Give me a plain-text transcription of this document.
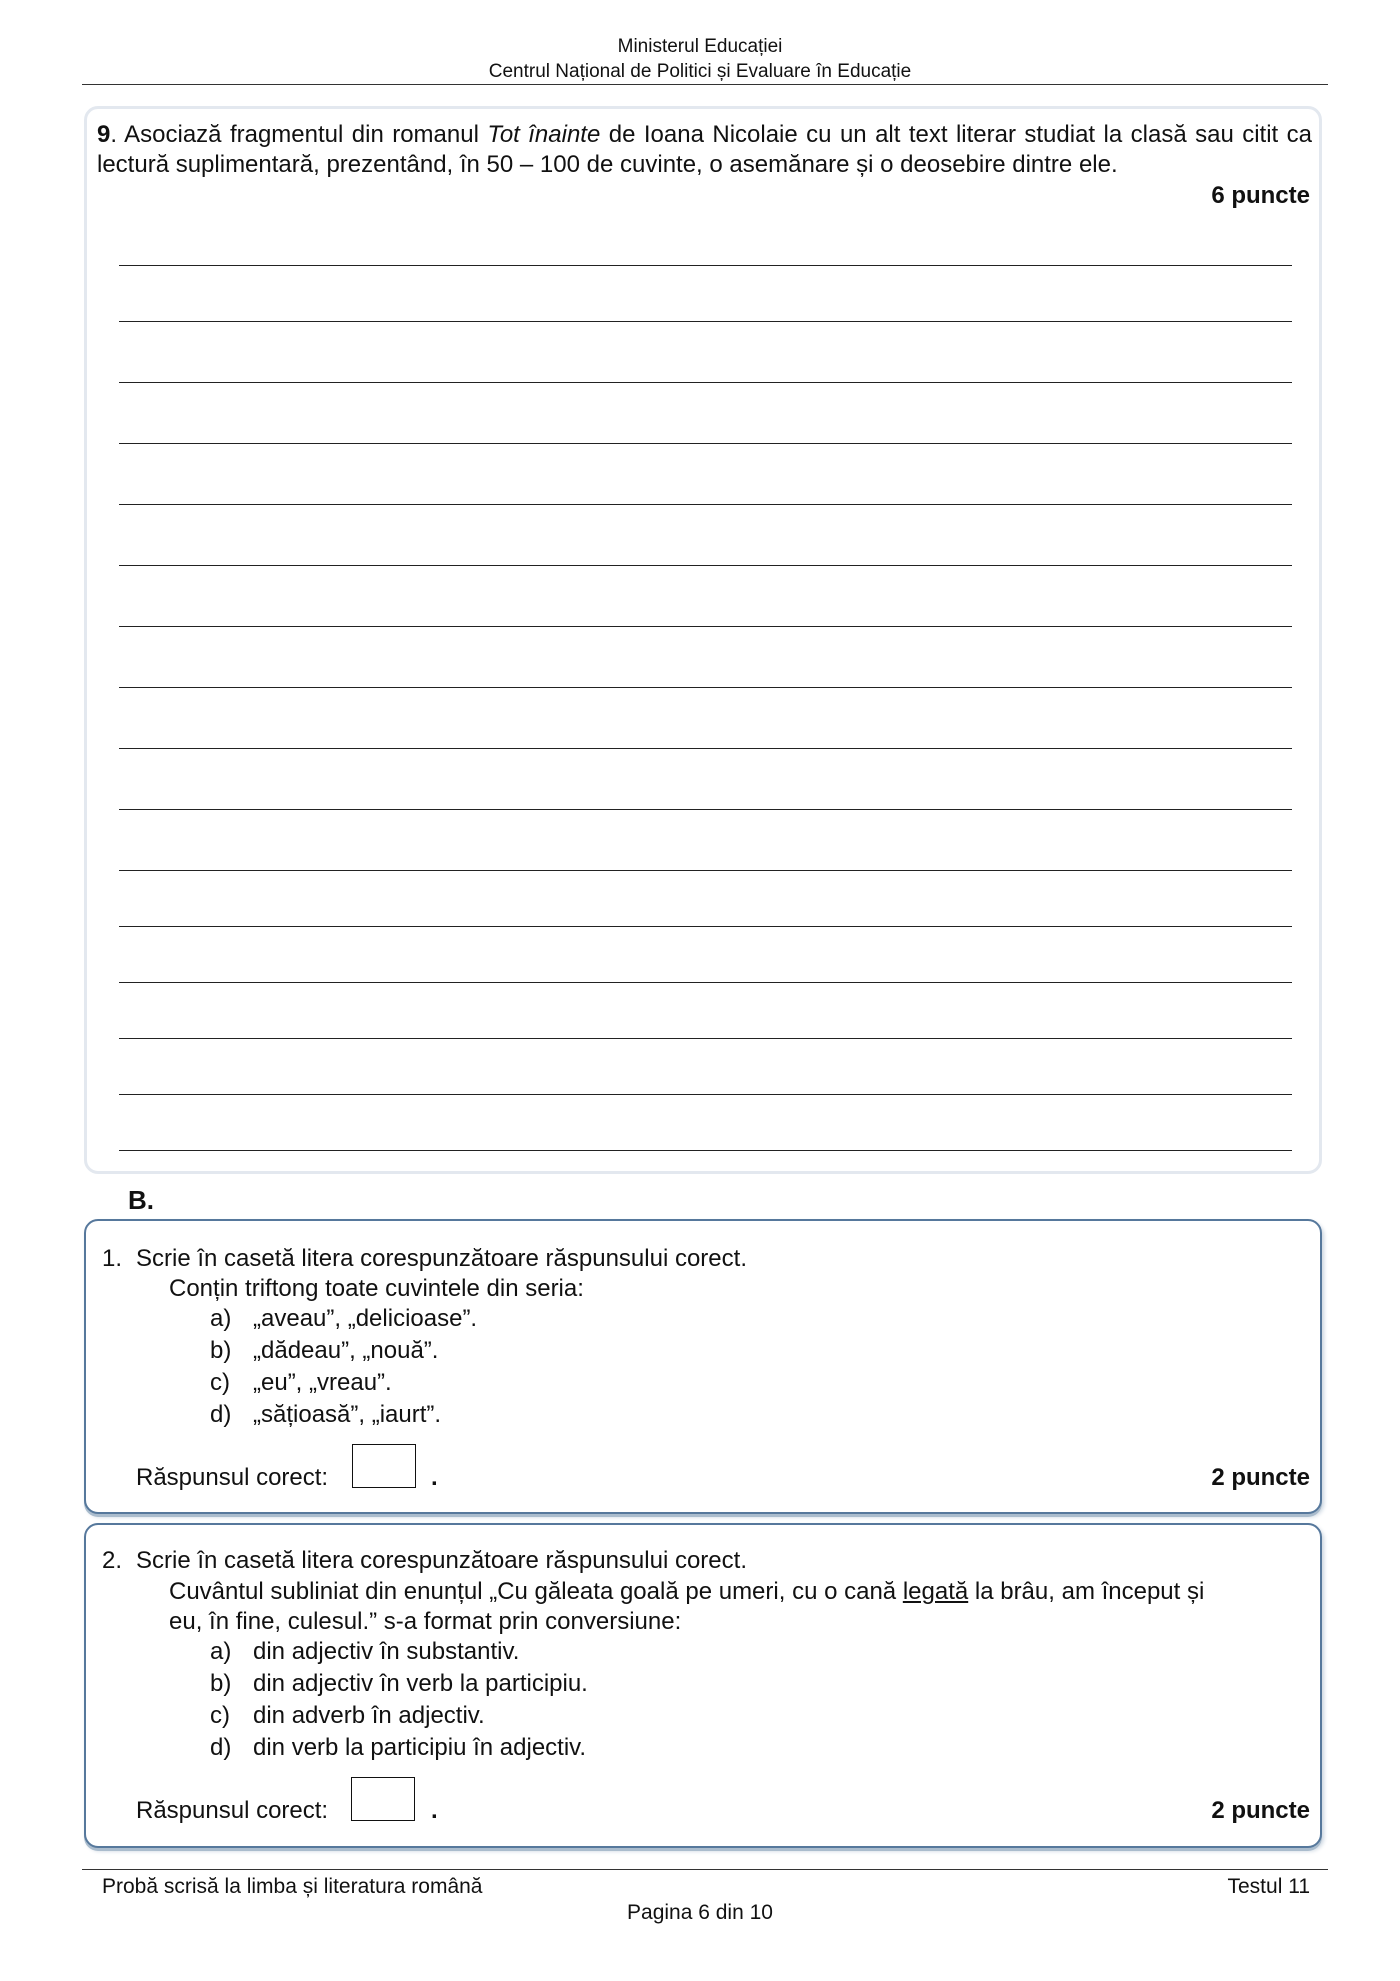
Ministerul Educației
Centrul Național de Politici și Evaluare în Educație
9. Asociază fragmentul din romanul Tot înainte de Ioana Nicolaie cu un alt text literar studiat la clasă sau citit ca lectură suplimentară, prezentând, în 50 – 100 de cuvinte, o asemănare și o deosebire dintre ele.
6 puncte
B.
1. Scrie în casetă litera corespunzătoare răspunsului corect.
Conțin triftong toate cuvintele din seria:
a) „aveau”, „delicioase”.
b) „dădeau”, „nouă”.
c) „eu”, „vreau”.
d) „sățioasă”, „iaurt”.
Răspunsul corect:	.	2 puncte
2. Scrie în casetă litera corespunzătoare răspunsului corect.
Cuvântul subliniat din enunțul „Cu găleata goală pe umeri, cu o cană legată la brâu, am început și
eu, în fine, culesul.” s-a format prin conversiune:
a) din adjectiv în substantiv.
b) din adjectiv în verb la participiu.
c) din adverb în adjectiv.
d) din verb la participiu în adjectiv.
Răspunsul corect:	.	2 puncte
Probă scrisă la limba și literatura română	Testul 11
Pagina 6 din 10
